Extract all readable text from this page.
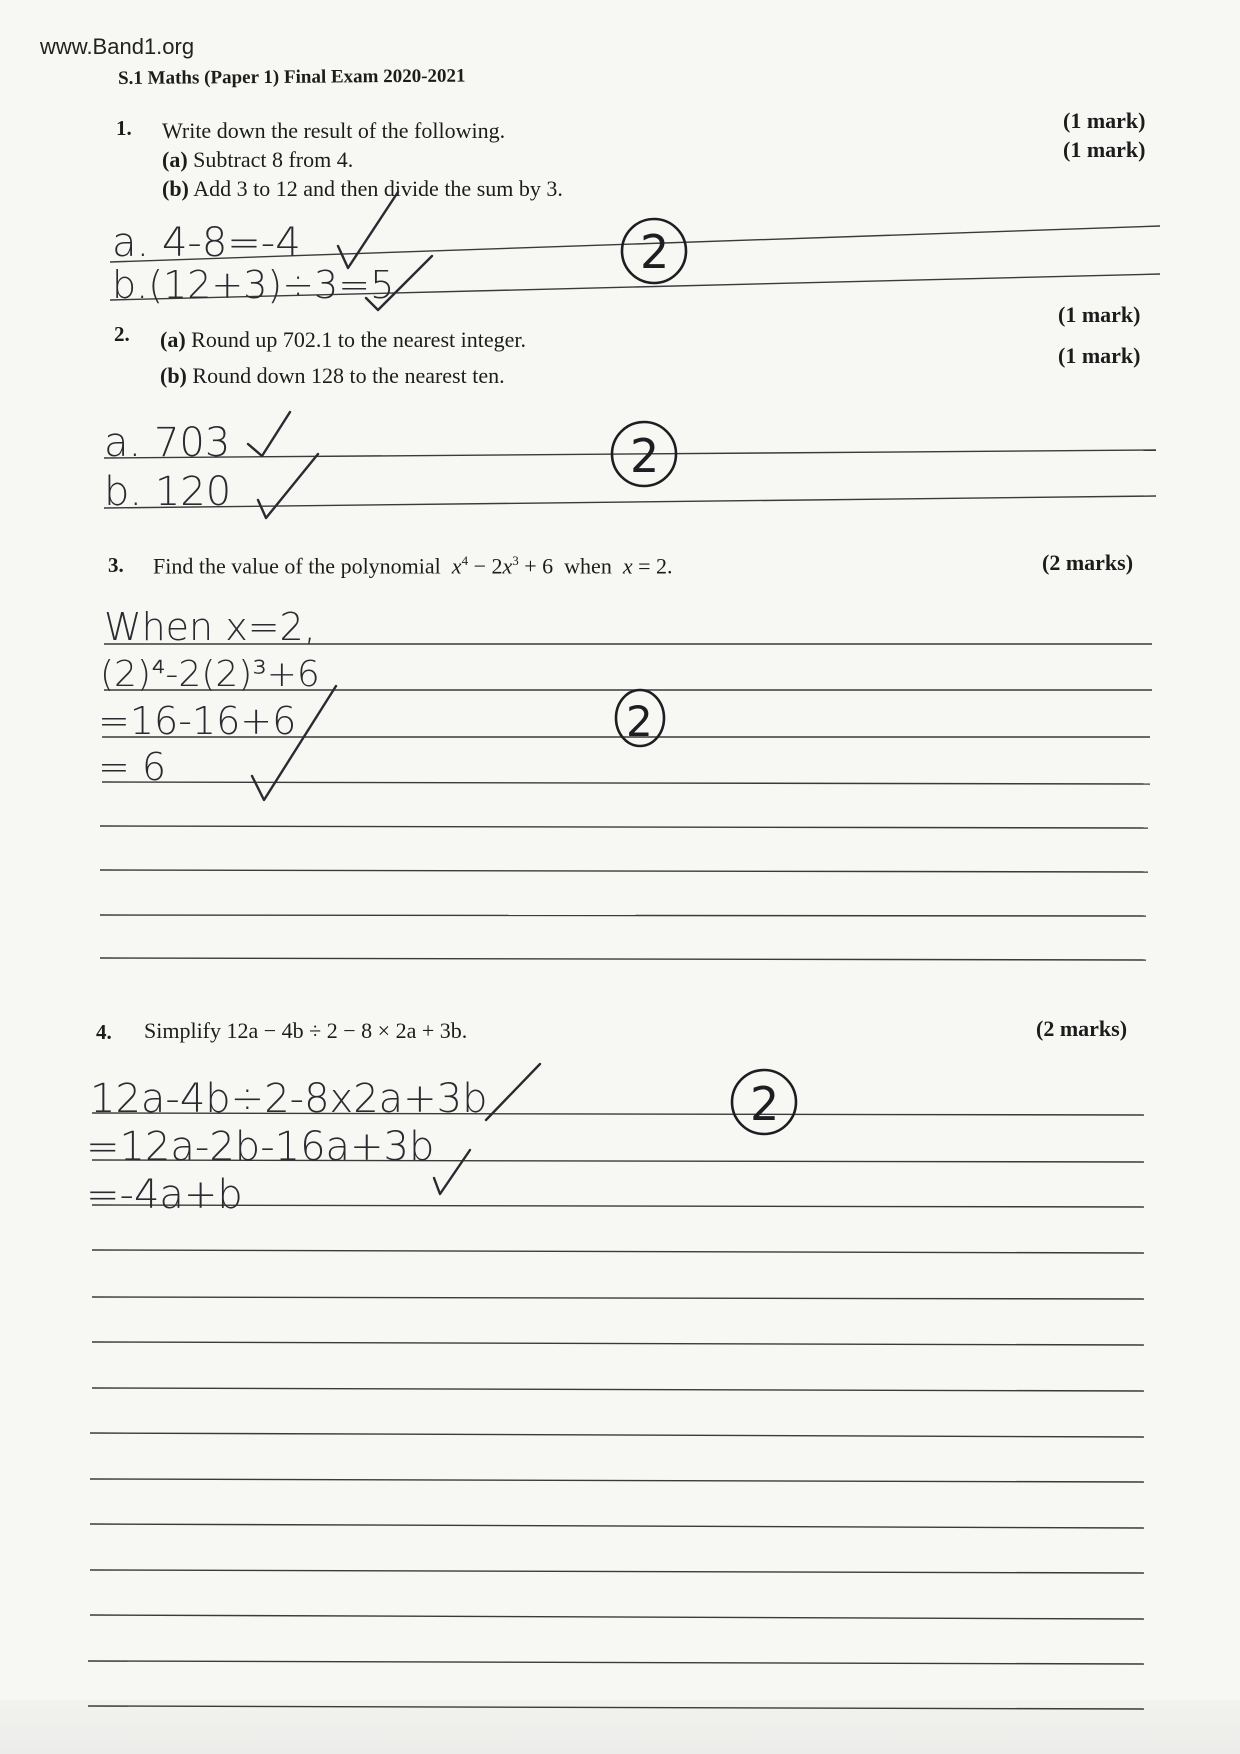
www.Band1.org
S.1 Maths (Paper 1) Final Exam 2020-2021
1. Write down the result of the following.
(a) Subtract 8 from 4.
(b) Add 3 to 12 and then divide the sum by 3.
(1 mark)
(1 mark)
2. (a) Round up 702.1 to the nearest integer.
(b) Round down 128 to the nearest ten.
(1 mark)
(1 mark)
3. Find the value of the polynomial $x^4 - 2x^3 + 6$ when x = 2.	(2 marks)
4. Simplify 12a − 4b ÷ 2 − 8 × 2a + 3b.	(2 marks)
a. 4-8=-4
b.(12+3)÷3=5
2
a. 703
b. 120
2
When x=2,
(2)⁴-2(2)³+6
=16-16+6
= 6
2
12a-4b÷2-8x2a+3b
=12a-2b-16a+3b
=-4a+b
2
